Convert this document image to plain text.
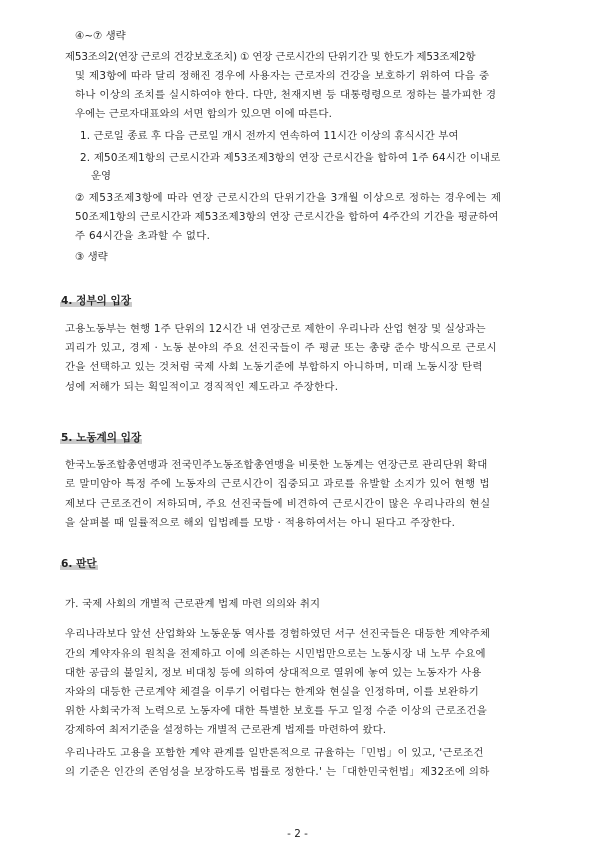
④~⑦ 생략
제53조의2(연장 근로의 건강보호조치) ① 연장 근로시간의 단위기간 및 한도가 제53조제2항
및 제3항에 따라 달리 정해진 경우에 사용자는 근로자의 건강을 보호하기 위하여 다음 중
하나 이상의 조치를 실시하여야 한다. 다만, 천재지변 등 대통령령으로 정하는 불가피한 경
우에는 근로자대표와의 서면 합의가 있으면 이에 따른다.
1. 근로일 종료 후 다음 근로일 개시 전까지 연속하여 11시간 이상의 휴식시간 부여
2. 제50조제1항의 근로시간과 제53조제3항의 연장 근로시간을 합하여 1주 64시간 이내로
운영
② 제53조제3항에 따라 연장 근로시간의 단위기간을 3개월 이상으로 정하는 경우에는 제
50조제1항의 근로시간과 제53조제3항의 연장 근로시간을 합하여 4주간의 기간을 평균하여
주 64시간을 초과할 수 없다.
③ 생략
4. 정부의 입장
고용노동부는 현행 1주 단위의 12시간 내 연장근로 제한이 우리나라 산업 현장 및 실상과는
괴리가 있고, 경제 · 노동 분야의 주요 선진국들이 주 평균 또는 총량 준수 방식으로 근로시
간을 선택하고 있는 것처럼 국제 사회 노동기준에 부합하지 아니하며, 미래 노동시장 탄력
성에 저해가 되는 획일적이고 경직적인 제도라고 주장한다.
5. 노동계의 입장
한국노동조합총연맹과 전국민주노동조합총연맹을 비롯한 노동계는 연장근로 관리단위 확대
로 말미암아 특정 주에 노동자의 근로시간이 집중되고 과로를 유발할 소지가 있어 현행 법
제보다 근로조건이 저하되며, 주요 선진국들에 비견하여 근로시간이 많은 우리나라의 현실
을 살펴볼 때 일률적으로 해외 입법례를 모방 · 적용하여서는 아니 된다고 주장한다.
6. 판단
가. 국제 사회의 개별적 근로관계 법제 마련 의의와 취지
우리나라보다 앞선 산업화와 노동운동 역사를 경험하였던 서구 선진국들은 대등한 계약주체
간의 계약자유의 원칙을 전제하고 이에 의존하는 시민법만으로는 노동시장 내 노무 수요에
대한 공급의 불일치, 정보 비대칭 등에 의하여 상대적으로 열위에 놓여 있는 노동자가 사용
자와의 대등한 근로계약 체결을 이루기 어렵다는 한계와 현실을 인정하며, 이를 보완하기
위한 사회국가적 노력으로 노동자에 대한 특별한 보호를 두고 일정 수준 이상의 근로조건을
강제하여 최저기준을 설정하는 개별적 근로관계 법제를 마련하여 왔다.
우리나라도 고용을 포함한 계약 관계를 일반론적으로 규율하는「민법」이 있고, '근로조건
의 기준은 인간의 존엄성을 보장하도록 법률로 정한다.' 는「대한민국헌법」제32조에 의하
- 2 -
